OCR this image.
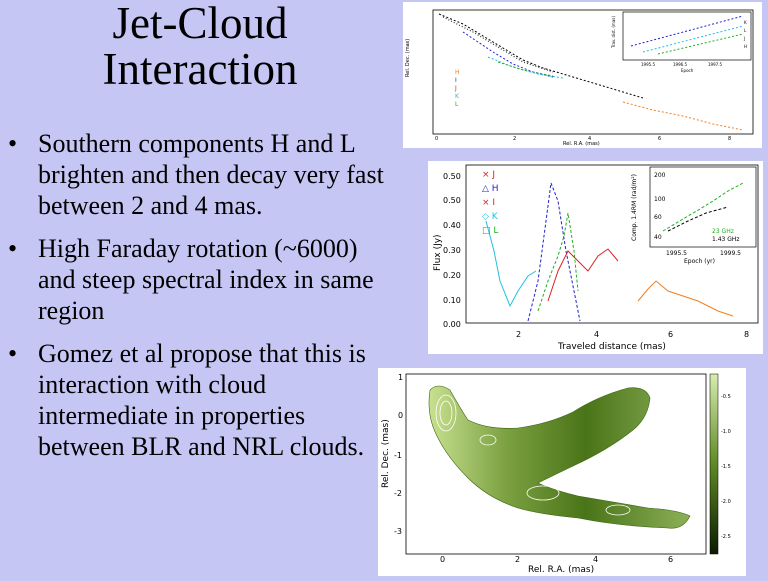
Jet-Cloud
Interaction
• Southern components H and L brighten and then decay very fast between 2 and 4 mas.
• High Faraday rotation (~6000) and steep spectral index in same region
• Gomez et al propose that this is interaction with cloud intermediate in properties between BLR and NRL clouds.
Rel. Dec. (mas)
Rel. R.A. (mas)
0	2	4	6	8
H
I
J
K
L
Trav. dist. (mas)
1995.5	1996.5	1997.5
Epoch
K
L
J
H
Flux (Jy)
Traveled distance (mas)
0.50
0.50
0.40
0.30
0.20
0.10
0.00
2	4	6	8
× J
△ H
× I
◇ K
□ L	Comp. 1.4RM (rad/m²)	200
100
60
40
1995.5	1999.5
Epoch (yr)
23 GHz
1.43 GHz
Rel. Dec. (mas)
Rel. R.A. (mas)
1
0
-1
-2
-3
0	2	4	6
-0.5
-1.0
-1.5
-2.0
-2.5
